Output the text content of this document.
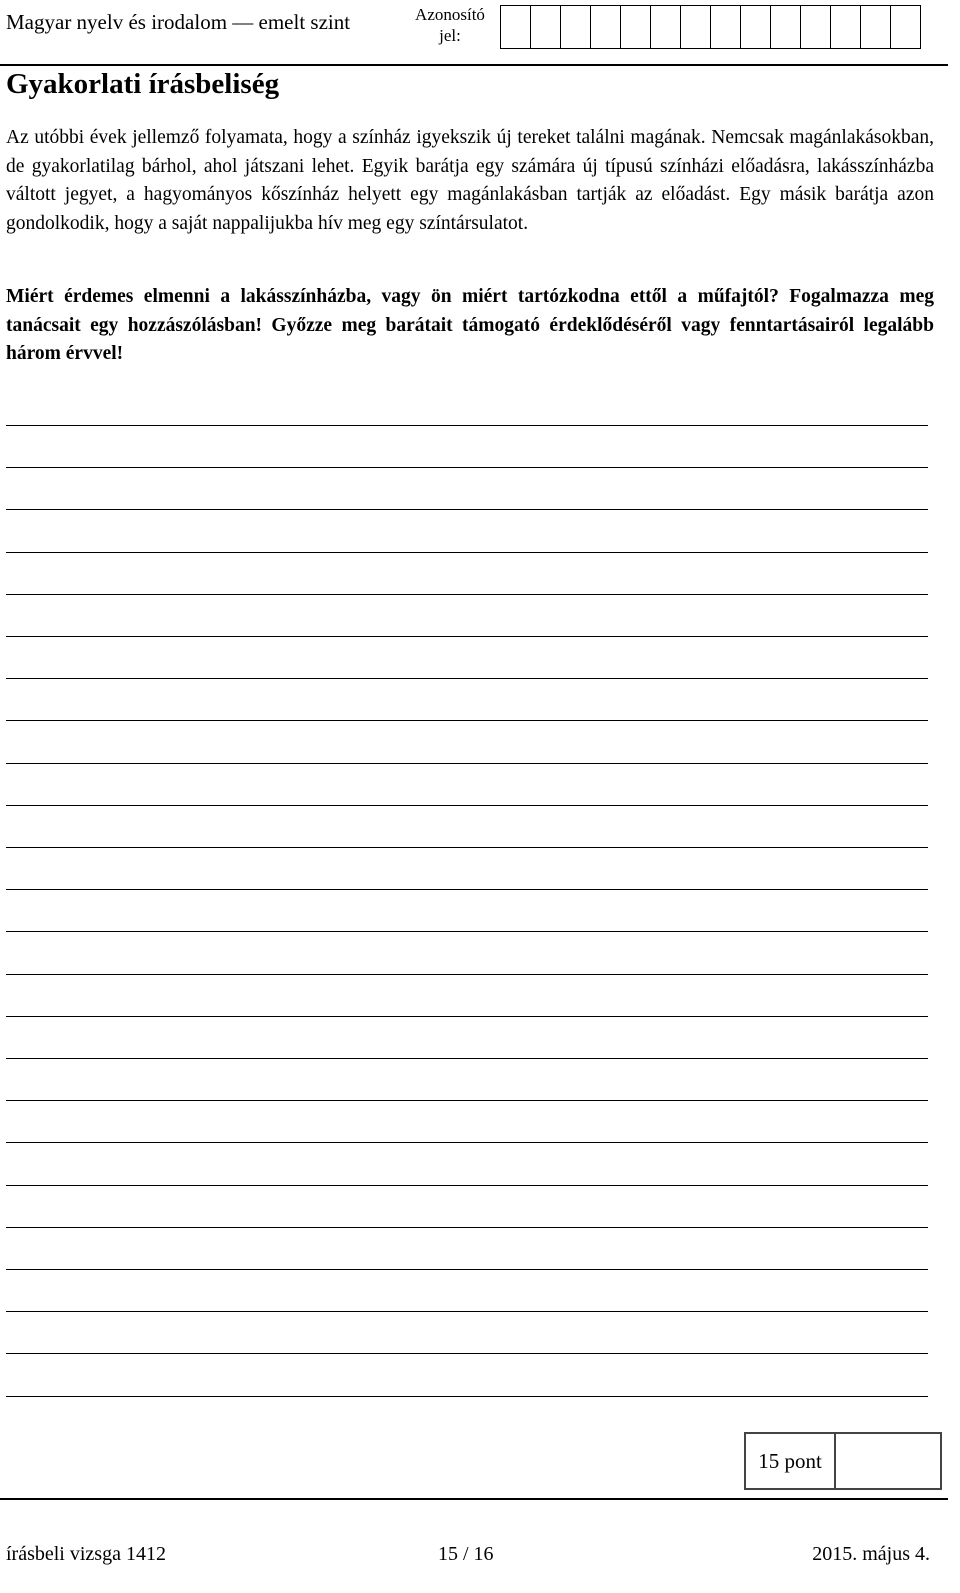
Magyar nyelv és irodalom — emelt szint	Azonosító
jel:
Gyakorlati írásbeliség

Az utóbbi évek jellemző folyamata, hogy a színház igyekszik új tereket találni magának. Nemcsak magánlakásokban, de gyakorlatilag bárhol, ahol játszani lehet. Egyik barátja egy számára új típusú színházi előadásra, lakásszínházba váltott jegyet, a hagyományos kőszínház helyett egy magánlakásban tartják az előadást. Egy másik barátja azon gondolkodik, hogy a saját nappalijukba hív meg egy színtársulatot.

Miért érdemes elmenni a lakásszínházba, vagy ön miért tartózkodna ettől a műfajtól? Fogalmazza meg tanácsait egy hozzászólásban! Győzze meg barátait támogató érdeklődéséről vagy fenntartásairól legalább három érvvel!

15 pont
írásbeli vizsga 1412	15 / 16	2015. május 4.
